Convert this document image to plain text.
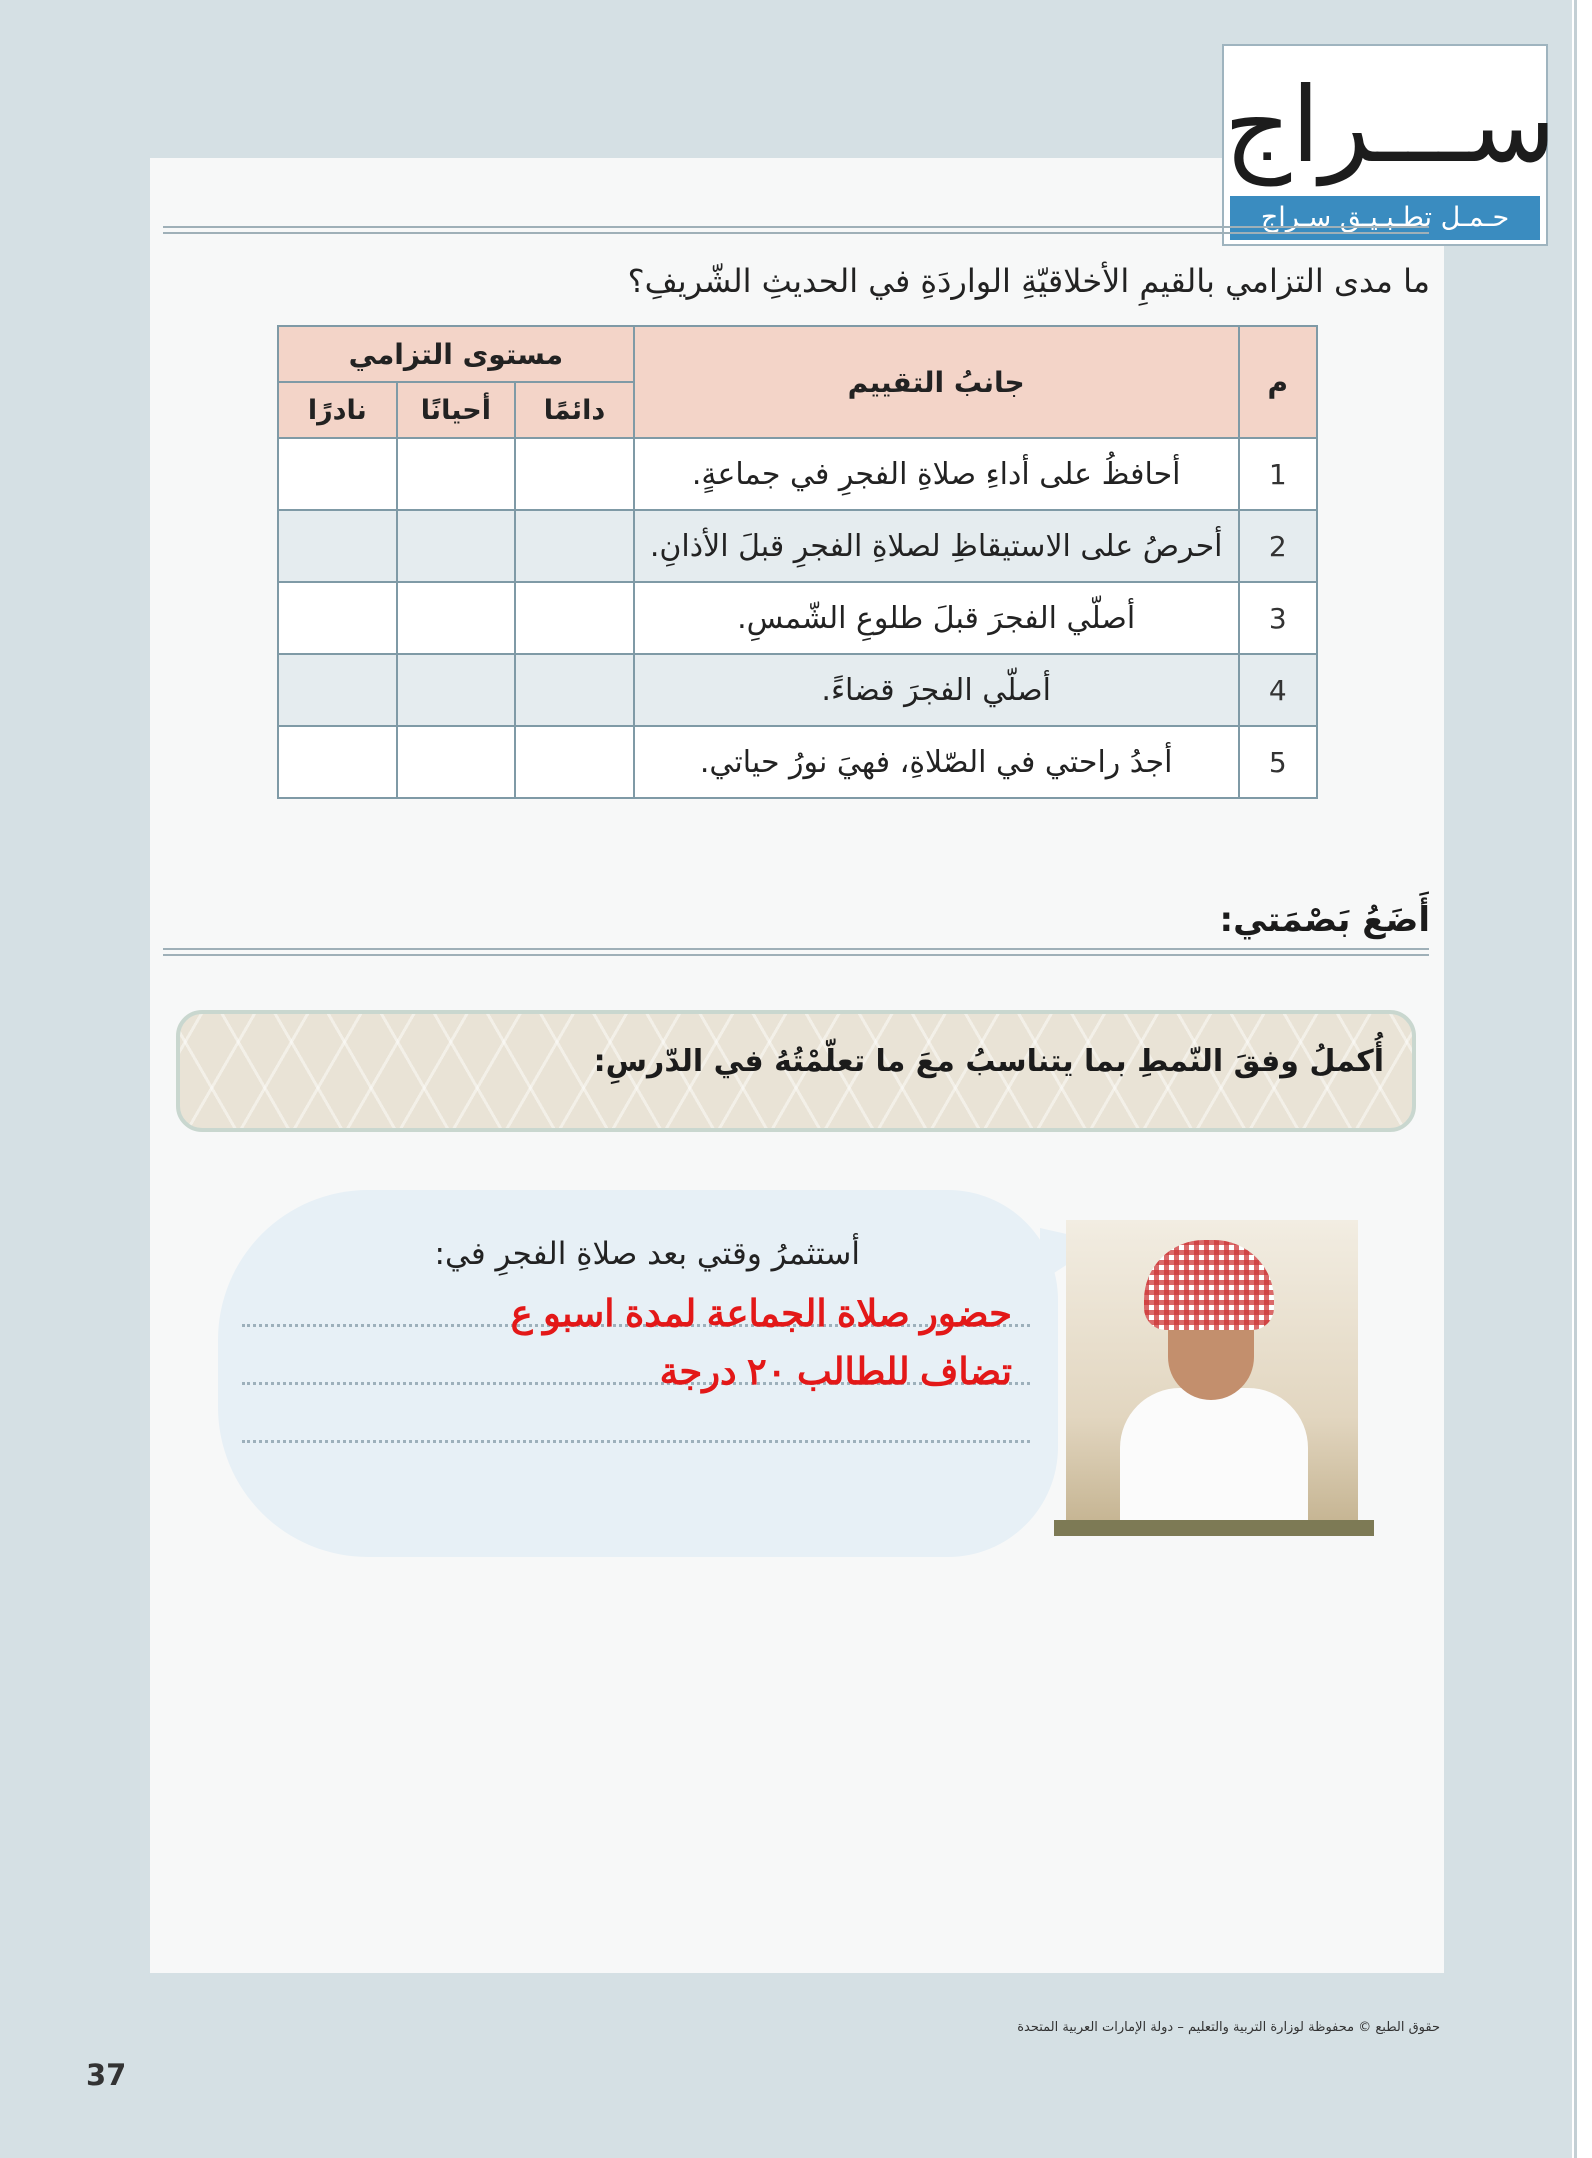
ســـراج
حـمـل تطـبـيـق سـراج
ما مدى التزامي بالقيمِ الأخلاقيّةِ الواردَةِ في الحديثِ الشّريفِ؟
م	جانبُ التقييم	مستوى التزامي		
		دائمًا	أحيانًا	نادرًا
1	أحافظُ على أداءِ صلاةِ الفجرِ في جماعةٍ.			
2	أحرصُ على الاستيقاظِ لصلاةِ الفجرِ قبلَ الأذانِ.			
3	أصلّي الفجرَ قبلَ طلوعِ الشّمسِ.			
4	أصلّي الفجرَ قضاءً.			
5	أجدُ راحتي في الصّلاةِ، فهيَ نورُ حياتي.			
أَضَعُ بَصْمَتي:
أُكملُ وفقَ النّمطِ بما يتناسبُ معَ ما تعلّمْتُهُ في الدّرسِ:
أستثمرُ وقتي بعد صلاةِ الفجرِ في:
حضور صلاة الجماعة لمدة اسبو ع
تضاف للطالب ٢٠ درجة
حقوق الطبع © محفوظة لوزارة التربية والتعليم – دولة الإمارات العربية المتحدة
37
